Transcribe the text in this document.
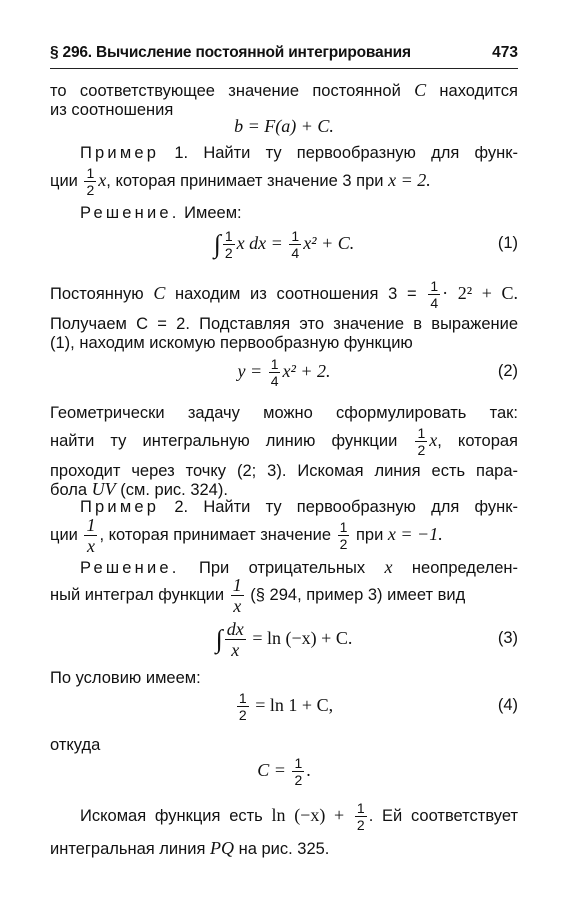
§ 296. Вычисление постоянной интегрирования	473
то соответствующее значение постоянной C находится
из соотношения
b = F(a) + C.
Пример 1. Найти ту первообразную для функ-
ции $\frac{1}{2} x$, которая принимает значение 3 при x = 2.
Решение. Имеем:
∫ $\frac{1}{2}$ x dx = $\frac{1}{4} x^2 + C$.	(1)
Постоянную C находим из соотношения $3 = \frac{1}{4} \cdot 2^2 + C$.
Получаем C = 2. Подставляя это значение в выражение
(1), находим искомую первообразную функцию
$y = \frac{1}{4} x^2 + 2$.	(2)
Геометрически задачу можно сформулировать так:
найти ту интегральную линию функции $\frac{1}{2} x$, которая
проходит через точку (2; 3). Искомая линия есть пара-
бола UV (см. рис. 324).
Пример 2. Найти ту первообразную для функ-
ции $\frac{1}{x}$ , которая принимает значение $\frac{1}{2}$ при x = −1.
Решение. При отрицательных x неопределен-
ный интеграл функции $\frac{1}{x}$ (§ 294, пример 3) имеет вид
∫ $\frac{dx}{x} = \ln (-x) + C$.	(3)
По условию имеем:
$\frac{1}{2} = \ln 1 + C$,	(4)
откуда
$C = \frac{1}{2}$ .
Искомая функция есть $\ln (-x) + \frac{1}{2}$ . Ей соответствует
интегральная линия PQ на рис. 325.
